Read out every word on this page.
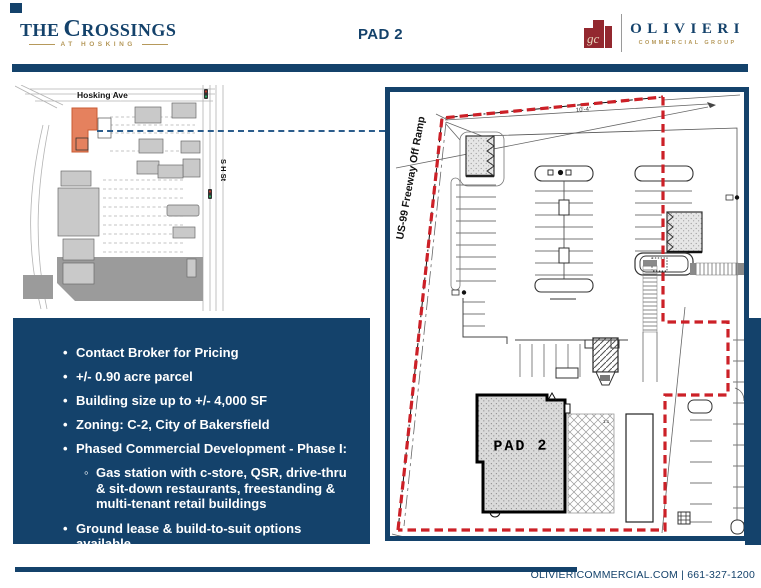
THE CROSSINGS
AT HOSKING
PAD 2	gc
OLIVIERI
COMMERCIAL GROUP
Hosking Ave
S H St
• Contact Broker for Pricing
• +/- 0.90 acre parcel
• Building size up to +/- 4,000 SF
• Zoning: C-2, City of Bakersfield
• Phased Commercial Development - Phase I:
◦ Gas station with c-store, QSR, drive-thru & sit-down restaurants, freestanding & multi-tenant retail buildings
• Ground lease & build-to-suit options available
PAD 2
1.1
US-99 Freeway Off Ramp
10'-4"
OLIVIERICOMMERCIAL.COM | 661-327-1200
